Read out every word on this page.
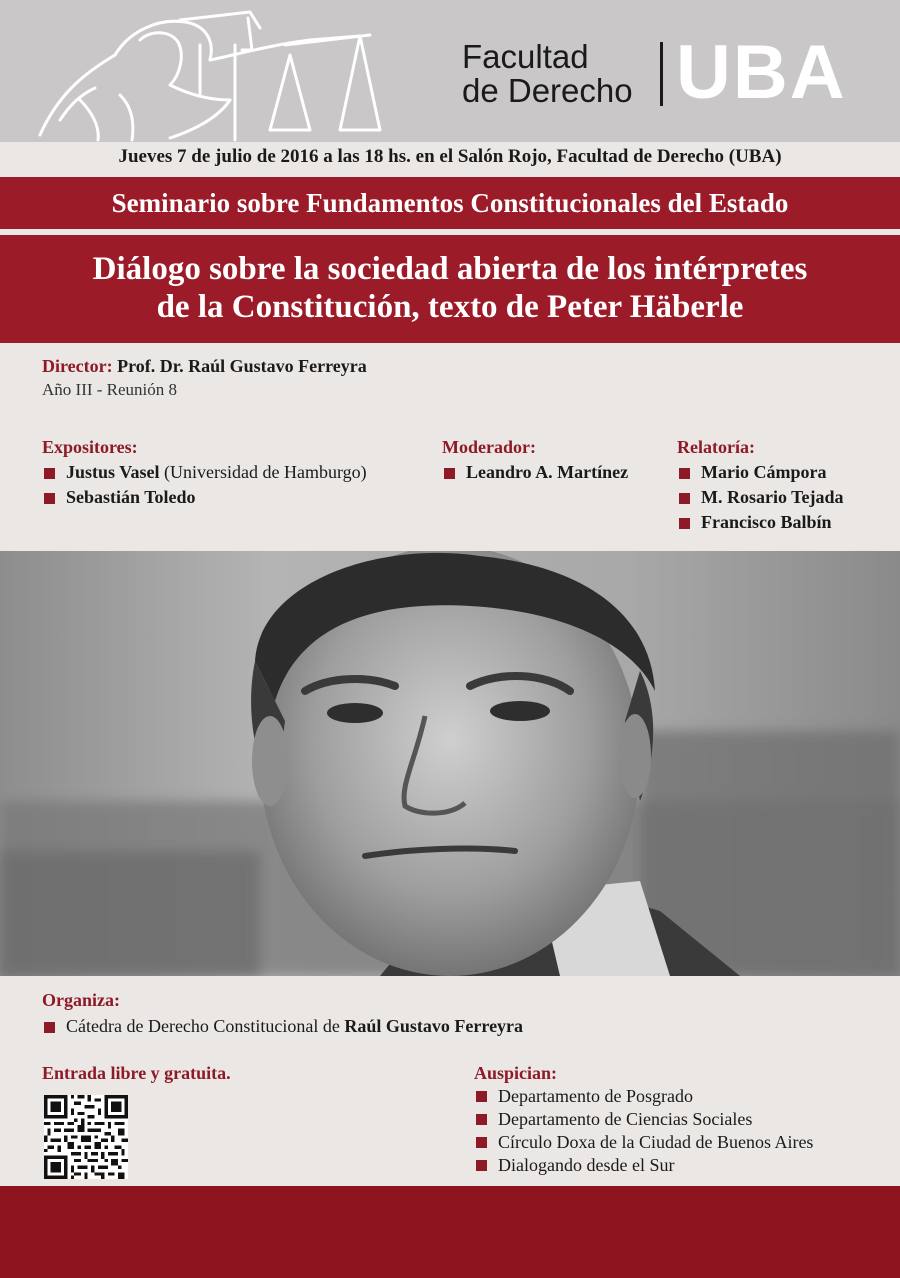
Facultad
de Derecho UBA
Jueves 7 de julio de 2016 a las 18 hs. en el Salón Rojo, Facultad de Derecho (UBA)
Seminario sobre Fundamentos Constitucionales del Estado
Diálogo sobre la sociedad abierta de los intérpretes
de la Constitución, texto de Peter Häberle
Director: Prof. Dr. Raúl Gustavo Ferreyra
Año III - Reunión 8
Expositores:
Justus Vasel (Universidad de Hamburgo)
Sebastián Toledo
Moderador:
Leandro A. Martínez
Relatoría:
Mario Cámpora
M. Rosario Tejada
Francisco Balbín
Organiza:
Cátedra de Derecho Constitucional de Raúl Gustavo Ferreyra
Entrada libre y gratuita.	Auspician:
Departamento de Posgrado
Departamento de Ciencias Sociales
Círculo Doxa de la Ciudad de Buenos Aires
Dialogando desde el Sur
